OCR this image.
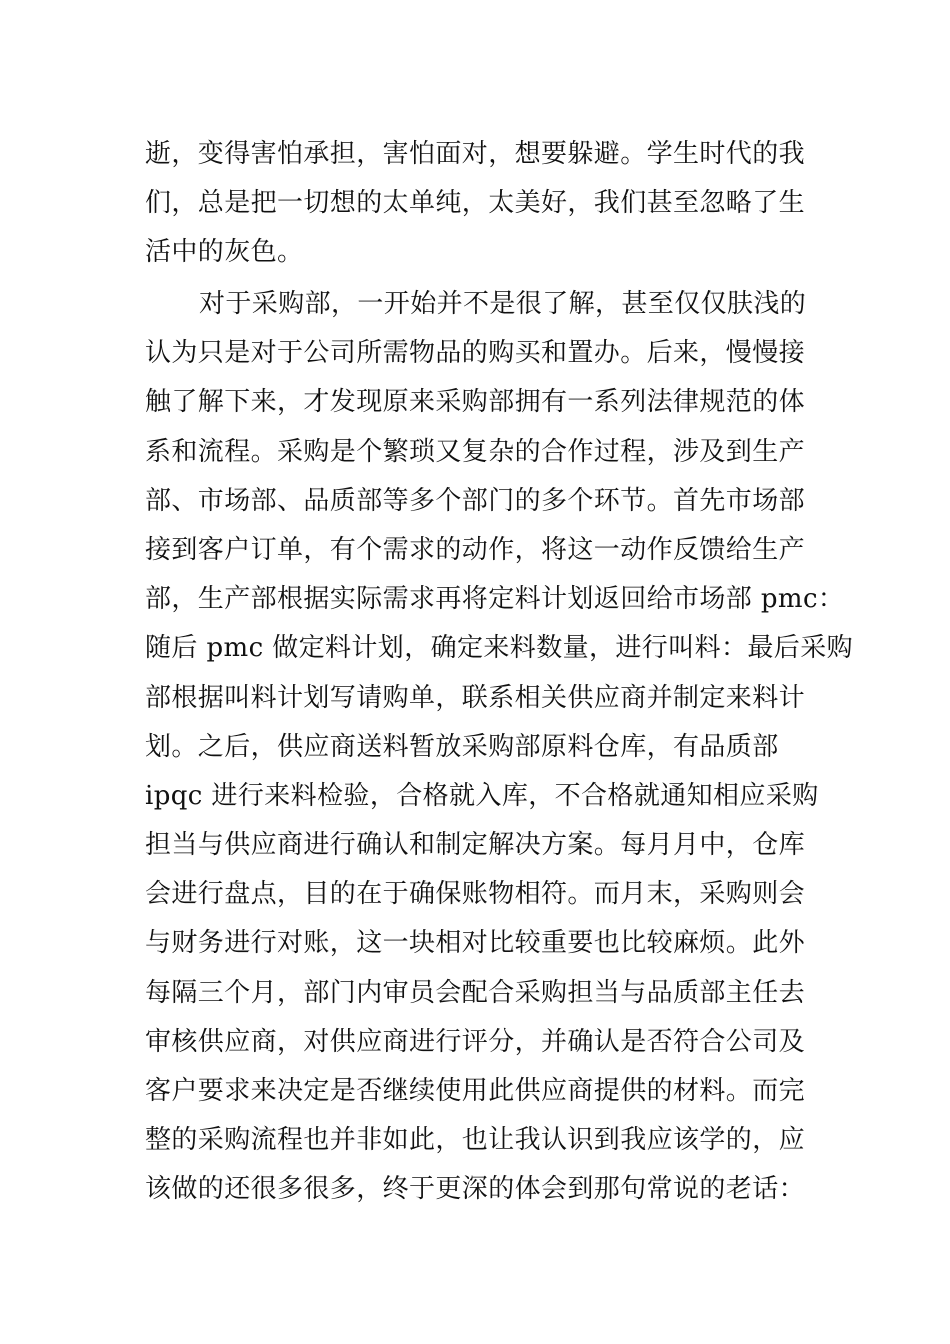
逝，变得害怕承担，害怕面对，想要躲避。学生时代的我
们，总是把一切想的太单纯，太美好，我们甚至忽略了生
活中的灰色。
对于采购部，一开始并不是很了解，甚至仅仅肤浅的
认为只是对于公司所需物品的购买和置办。后来，慢慢接
触了解下来，才发现原来采购部拥有一系列法律规范的体
系和流程。采购是个繁琐又复杂的合作过程，涉及到生产
部、市场部、品质部等多个部门的多个环节。首先市场部
接到客户订单，有个需求的动作，将这一动作反馈给生产
部，生产部根据实际需求再将定料计划返回给市场部 pmc：
随后 pmc 做定料计划，确定来料数量，进行叫料：最后采购
部根据叫料计划写请购单，联系相关供应商并制定来料计
划。之后，供应商送料暂放采购部原料仓库，有品质部
ipqc 进行来料检验，合格就入库，不合格就通知相应采购
担当与供应商进行确认和制定解决方案。每月月中，仓库
会进行盘点，目的在于确保账物相符。而月末，采购则会
与财务进行对账，这一块相对比较重要也比较麻烦。此外
每隔三个月，部门内审员会配合采购担当与品质部主任去
审核供应商，对供应商进行评分，并确认是否符合公司及
客户要求来决定是否继续使用此供应商提供的材料。而完
整的采购流程也并非如此，也让我认识到我应该学的，应
该做的还很多很多，终于更深的体会到那句常说的老话：
